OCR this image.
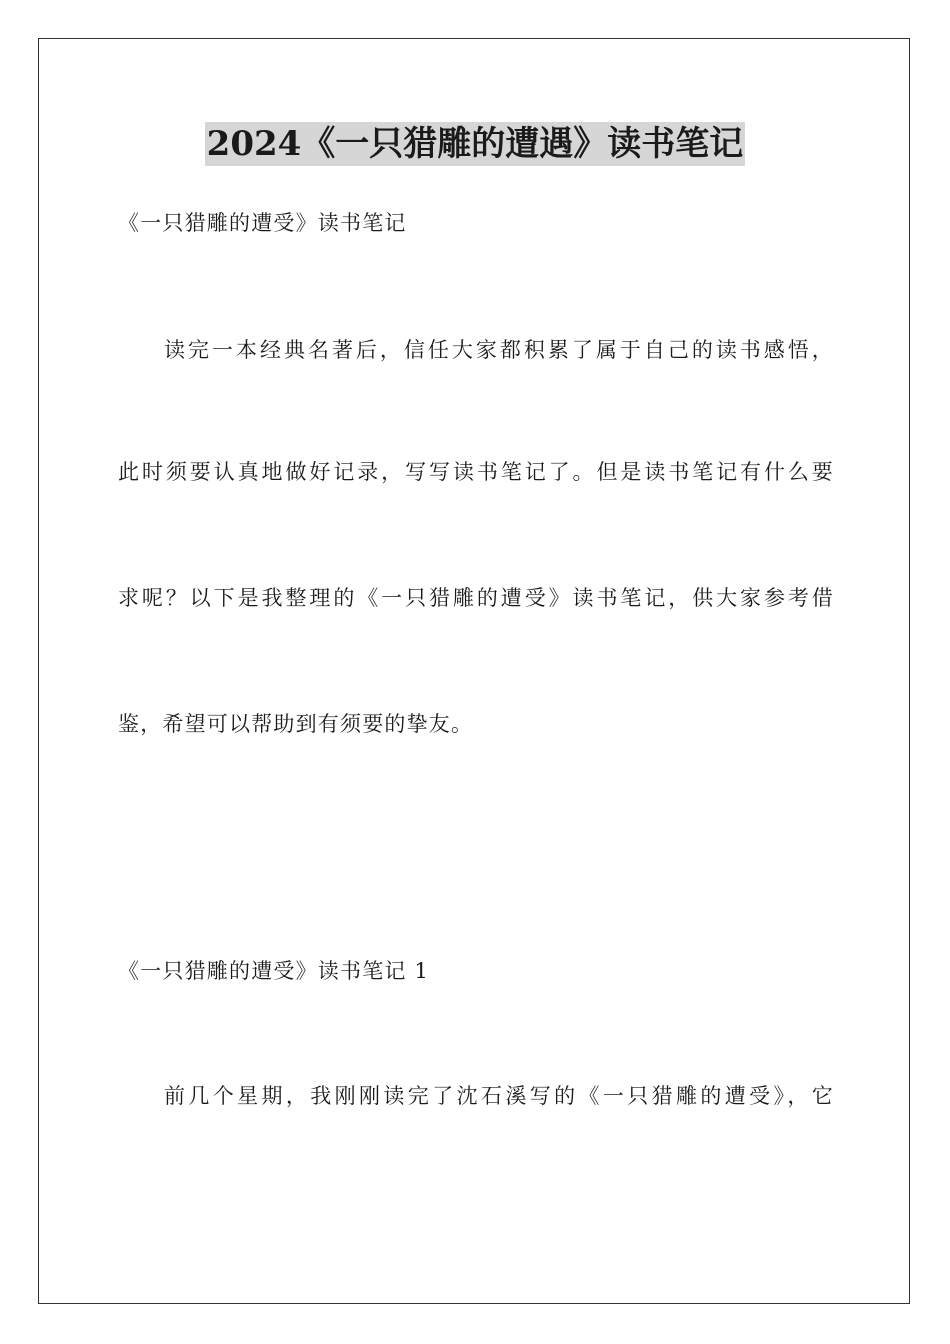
2024《一只猎雕的遭遇》读书笔记
《一只猎雕的遭受》读书笔记
读完一本经典名著后，信任大家都积累了属于自己的读书感悟，
此时须要认真地做好记录，写写读书笔记了。但是读书笔记有什么要
求呢？以下是我整理的《一只猎雕的遭受》读书笔记，供大家参考借
鉴，希望可以帮助到有须要的挚友。
《一只猎雕的遭受》读书笔记 1
前几个星期，我刚刚读完了沈石溪写的《一只猎雕的遭受》，它
